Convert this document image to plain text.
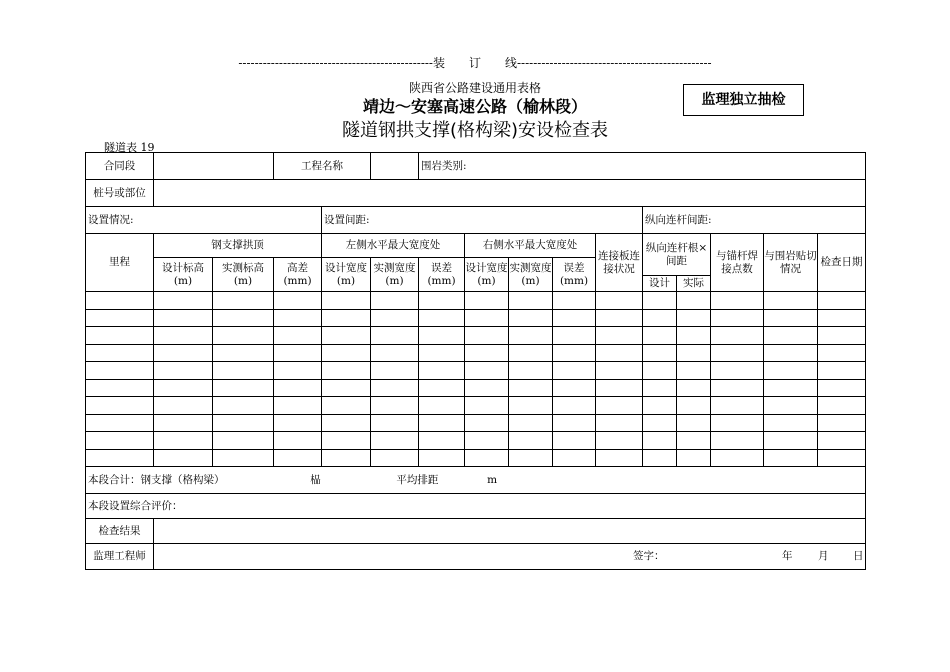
------------------------------------------------装　　订　　线------------------------------------------------
陕西省公路建设通用表格
靖边～安塞高速公路（榆林段）
隧道钢拱支撑(格构梁)安设检查表
监理独立抽检
隧道表 19
合同段			工程名称			围岩类别:									
桩号或部位															
设置情况:				设置间距:							纵向连杆间距:				
里程	钢支撑拱顶			左侧水平最大宽度处			右侧水平最大宽度处			连接板连接状况	纵向连杆根×间距		与锚杆焊接点数	与围岩贴切情况	检查日期
	设计标高(m)	实测标高(m)	高差(mm)	设计宽度(m)	实测宽度(m)	误差(mm)	设计宽度(m)	实测宽度(m)	误差(mm)						
											设计	实际			

本段合计：钢支撑（格构梁） 榀 平均排距 m															
本段设置综合评价：															
检查结果															
监理工程师																签字：	年 月 日
